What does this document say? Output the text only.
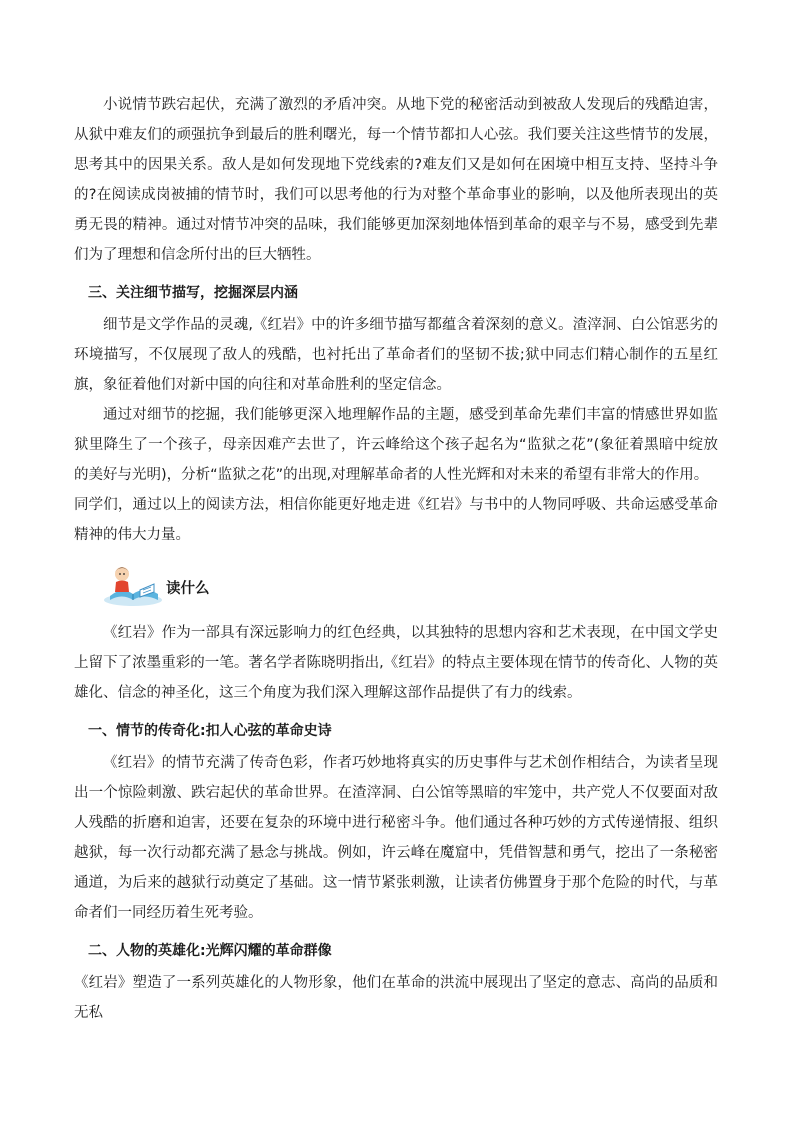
小说情节跌宕起伏，充满了激烈的矛盾冲突。从地下党的秘密活动到被敌人发现后的残酷迫害，从狱中难友们的顽强抗争到最后的胜利曙光，每一个情节都扣人心弦。我们要关注这些情节的发展，思考其中的因果关系。敌人是如何发现地下党线索的?难友们又是如何在困境中相互支持、坚持斗争的?在阅读成岗被捕的情节时，我们可以思考他的行为对整个革命事业的影响，以及他所表现出的英勇无畏的精神。通过对情节冲突的品味，我们能够更加深刻地体悟到革命的艰辛与不易，感受到先辈们为了理想和信念所付出的巨大牺牲。

三、关注细节描写，挖掘深层内涵

细节是文学作品的灵魂,《红岩》中的许多细节描写都蕴含着深刻的意义。渣滓洞、白公馆恶劣的环境描写，不仅展现了敌人的残酷，也衬托出了革命者们的坚韧不拔;狱中同志们精心制作的五星红旗，象征着他们对新中国的向往和对革命胜利的坚定信念。

通过对细节的挖掘，我们能够更深入地理解作品的主题，感受到革命先辈们丰富的情感世界如监狱里降生了一个孩子，母亲因难产去世了，许云峰给这个孩子起名为“监狱之花”(象征着黑暗中绽放的美好与光明)，分析“监狱之花”的出现,对理解革命者的人性光辉和对未来的希望有非常大的作用。

同学们，通过以上的阅读方法，相信你能更好地走进《红岩》与书中的人物同呼吸、共命运感受革命精神的伟大力量。

读什么

《红岩》作为一部具有深远影响力的红色经典，以其独特的思想内容和艺术表现，在中国文学史上留下了浓墨重彩的一笔。著名学者陈晓明指出,《红岩》的特点主要体现在情节的传奇化、人物的英雄化、信念的神圣化，这三个角度为我们深入理解这部作品提供了有力的线索。

一、情节的传奇化:扣人心弦的革命史诗

《红岩》的情节充满了传奇色彩，作者巧妙地将真实的历史事件与艺术创作相结合，为读者呈现出一个惊险刺激、跌宕起伏的革命世界。在渣滓洞、白公馆等黑暗的牢笼中，共产党人不仅要面对敌人残酷的折磨和迫害，还要在复杂的环境中进行秘密斗争。他们通过各种巧妙的方式传递情报、组织越狱，每一次行动都充满了悬念与挑战。例如，许云峰在魔窟中，凭借智慧和勇气，挖出了一条秘密通道，为后来的越狱行动奠定了基础。这一情节紧张刺激，让读者仿佛置身于那个危险的时代，与革命者们一同经历着生死考验。

二、人物的英雄化:光辉闪耀的革命群像

《红岩》塑造了一系列英雄化的人物形象，他们在革命的洪流中展现出了坚定的意志、高尚的品质和无私
